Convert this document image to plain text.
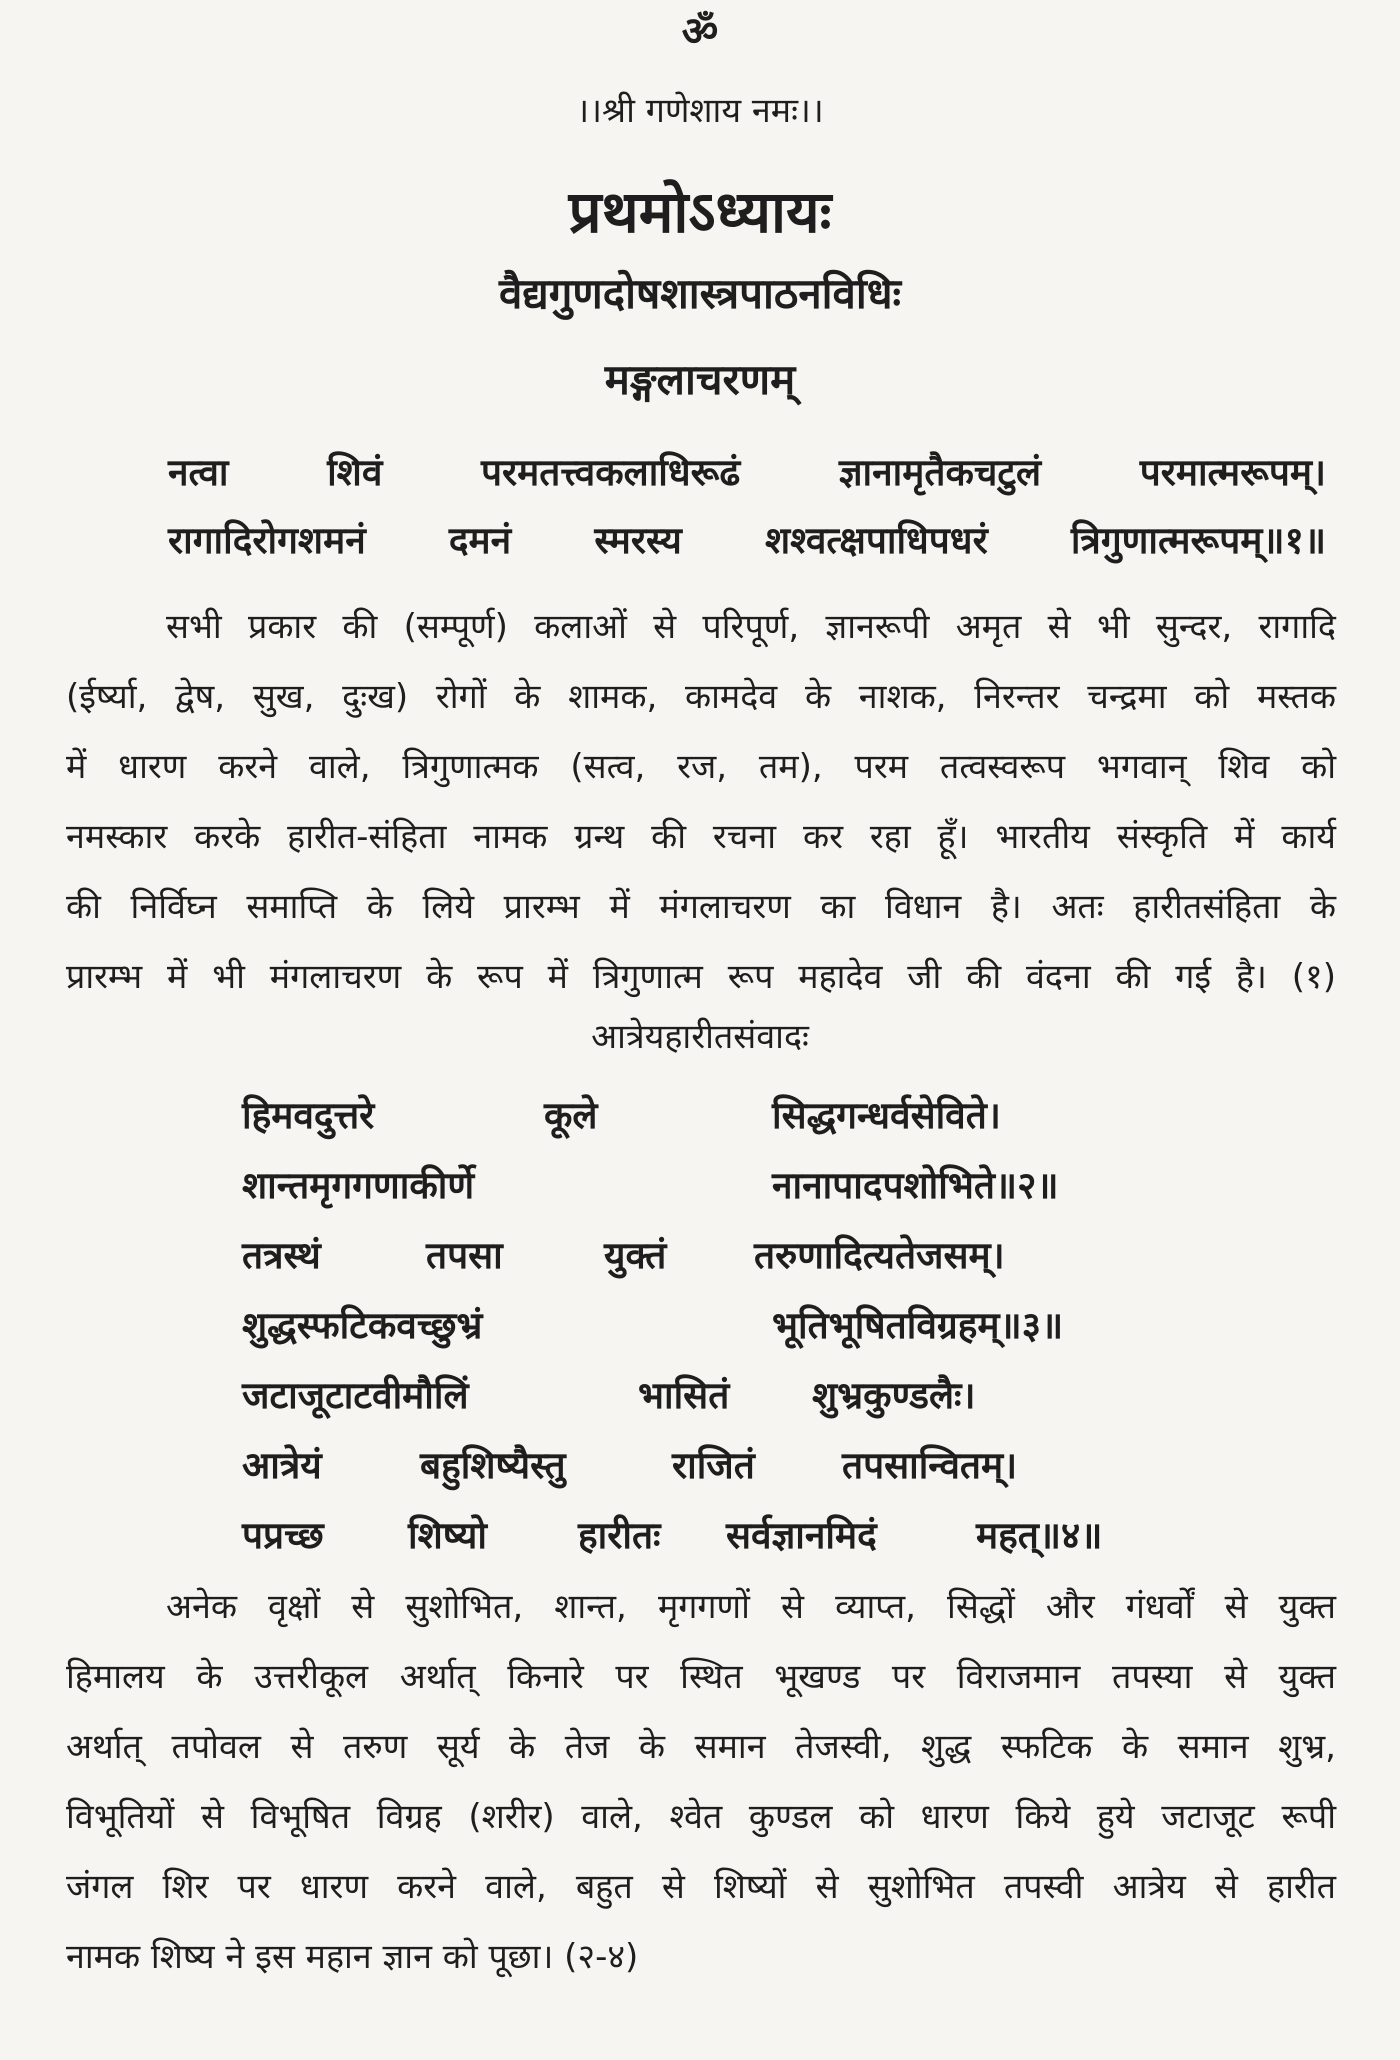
ॐ
।।श्री गणेशाय नमः।।
प्रथमोऽध्यायः
वैद्यगुणदोषशास्त्रपाठनविधिः
मङ्गलाचरणम्
नत्वा शिवं परमतत्त्वकलाधिरूढं ज्ञानामृतैकचटुलं परमात्मरूपम्।
रागादिरोगशमनं दमनं स्मरस्य शश्वत्क्षपाधिपधरं त्रिगुणात्मरूपम्॥१॥
सभी प्रकार की (सम्पूर्ण) कलाओं से परिपूर्ण, ज्ञानरूपी अमृत से भी सुन्दर, रागादि
(ईर्ष्या, द्वेष, सुख, दुःख) रोगों के शामक, कामदेव के नाशक, निरन्तर चन्द्रमा को मस्तक
में धारण करने वाले, त्रिगुणात्मक (सत्व, रज, तम), परम तत्वस्वरूप भगवान् शिव को
नमस्कार करके हारीत-संहिता नामक ग्रन्थ की रचना कर रहा हूँ। भारतीय संस्कृति में कार्य
की निर्विघ्न समाप्ति के लिये प्रारम्भ में मंगलाचरण का विधान है। अतः हारीतसंहिता के
प्रारम्भ में भी मंगलाचरण के रूप में त्रिगुणात्म रूप महादेव जी की वंदना की गई है। (१)
आत्रेयहारीतसंवादः
हिमवदुत्तरे	कूले	सिद्धगन्धर्वसेविते।
शान्तमृगगणाकीर्णे	नानापादपशोभिते॥२॥
तत्रस्थं	तपसा	युक्तं तरुणादित्यतेजसम्।
शुद्धस्फटिकवच्छुभ्रं	भूतिभूषितविग्रहम्॥३॥
जटाजूटाटवीमौलिं	भासितं शुभ्रकुण्डलैः।
आत्रेयं	बहुशिष्यैस्तु	राजितं तपसान्वितम्।
पप्रच्छ शिष्यो हारीतः सर्वज्ञानमिदं	महत्॥४॥
अनेक वृक्षों से सुशोभित, शान्त, मृगगणों से व्याप्त, सिद्धों और गंधर्वों से युक्त
हिमालय के उत्तरीकूल अर्थात् किनारे पर स्थित भूखण्ड पर विराजमान तपस्या से युक्त
अर्थात् तपोवल से तरुण सूर्य के तेज के समान तेजस्वी, शुद्ध स्फटिक के समान शुभ्र,
विभूतियों से विभूषित विग्रह (शरीर) वाले, श्वेत कुण्डल को धारण किये हुये जटाजूट रूपी
जंगल शिर पर धारण करने वाले, बहुत से शिष्यों से सुशोभित तपस्वी आत्रेय से हारीत
नामक शिष्य ने इस महान ज्ञान को पूछा। (२-४)
